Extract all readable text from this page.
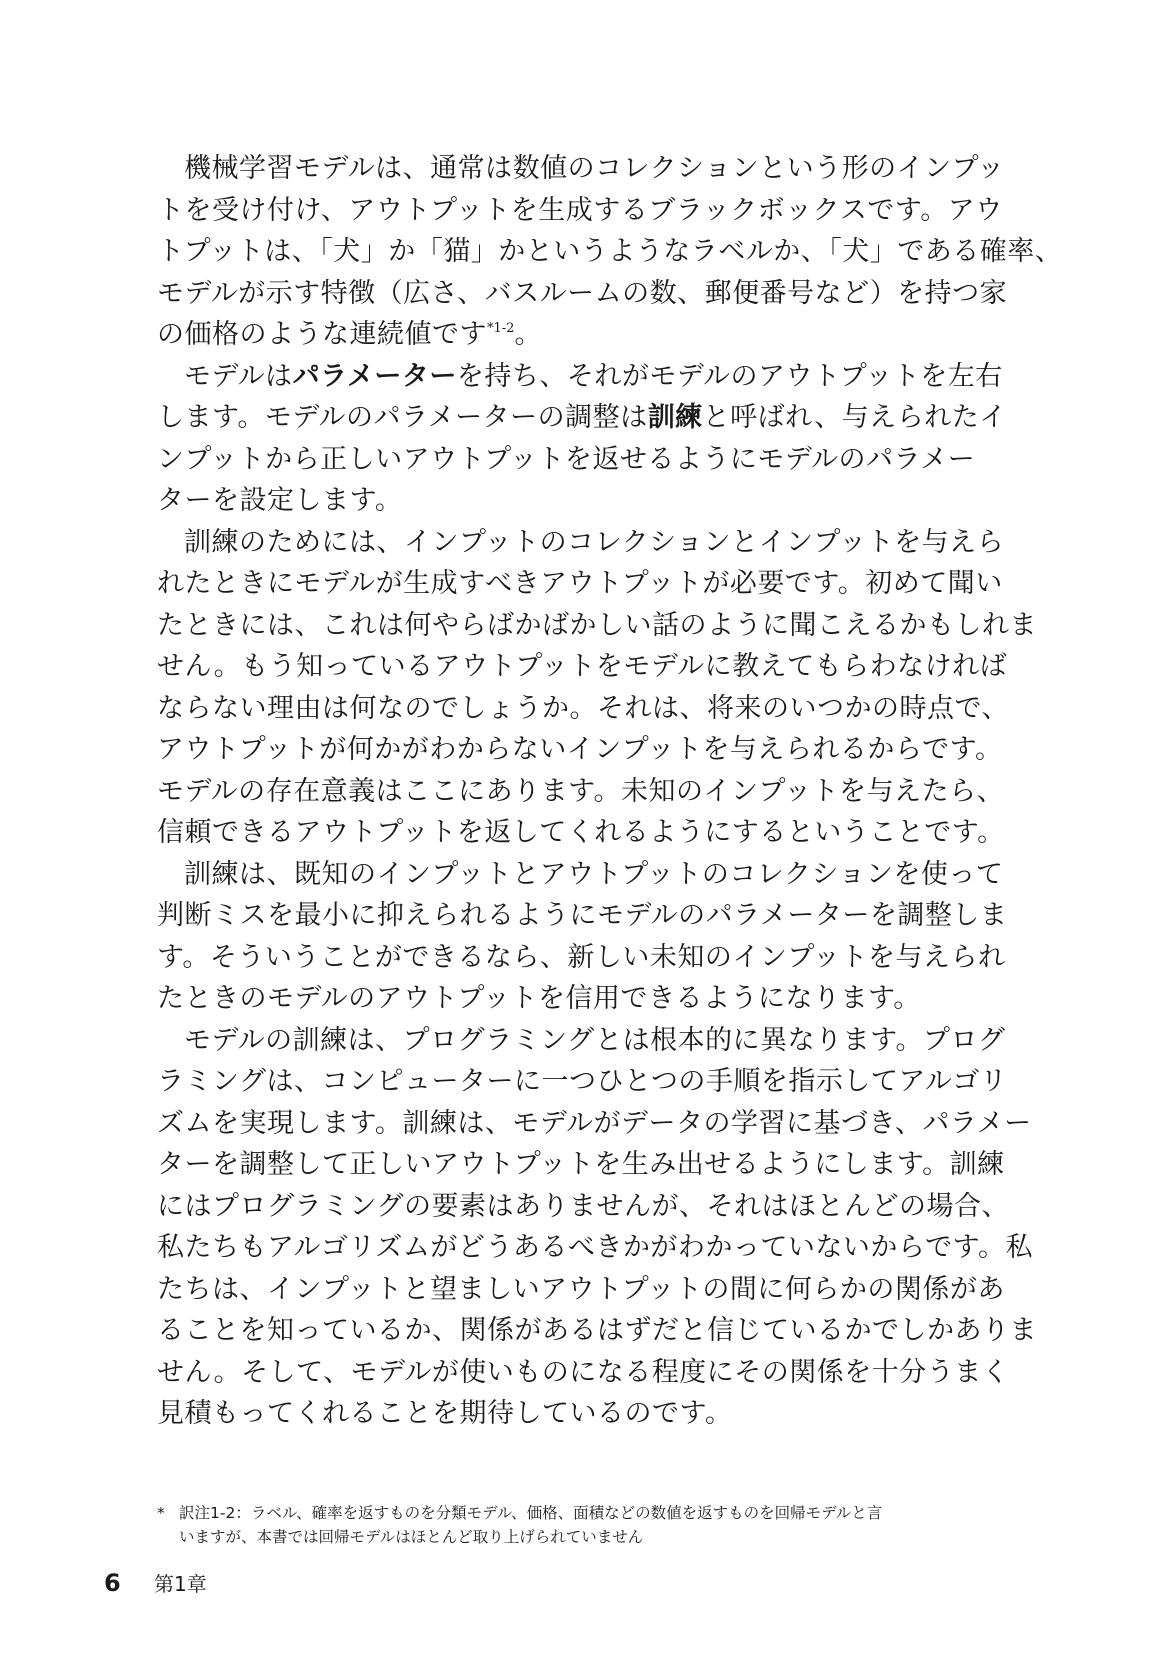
機械学習モデルは、通常は数値のコレクションという形のインプッ
トを受け付け、アウトプットを生成するブラックボックスです。アウ
トプットは、「犬」か「猫」かというようなラベルか、「犬」である確率、
モデルが示す特徴（広さ、バスルームの数、郵便番号など）を持つ家
の価格のような連続値です$^{*1-2}$。
モデルはパラメーターを持ち、それがモデルのアウトプットを左右
します。モデルのパラメーターの調整は訓練と呼ばれ、与えられたイ
ンプットから正しいアウトプットを返せるようにモデルのパラメー
ターを設定します。
訓練のためには、インプットのコレクションとインプットを与えら
れたときにモデルが生成すべきアウトプットが必要です。初めて聞い
たときには、これは何やらばかばかしい話のように聞こえるかもしれま
せん。もう知っているアウトプットをモデルに教えてもらわなければ
ならない理由は何なのでしょうか。それは、将来のいつかの時点で、
アウトプットが何かがわからないインプットを与えられるからです。
モデルの存在意義はここにあります。未知のインプットを与えたら、
信頼できるアウトプットを返してくれるようにするということです。
訓練は、既知のインプットとアウトプットのコレクションを使って
判断ミスを最小に抑えられるようにモデルのパラメーターを調整しま
す。そういうことができるなら、新しい未知のインプットを与えられ
たときのモデルのアウトプットを信用できるようになります。
モデルの訓練は、プログラミングとは根本的に異なります。プログ
ラミングは、コンピューターに一つひとつの手順を指示してアルゴリ
ズムを実現します。訓練は、モデルがデータの学習に基づき、パラメー
ターを調整して正しいアウトプットを生み出せるようにします。訓練
にはプログラミングの要素はありませんが、それはほとんどの場合、
私たちもアルゴリズムがどうあるべきかがわかっていないからです。私
たちは、インプットと望ましいアウトプットの間に何らかの関係があ
ることを知っているか、関係があるはずだと信じているかでしかありま
せん。そして、モデルが使いものになる程度にその関係を十分うまく
見積もってくれることを期待しているのです。
* 訳注1-2：ラベル、確率を返すものを分類モデル、価格、面積などの数値を返すものを回帰モデルと言
いますが、本書では回帰モデルはほとんど取り上げられていません
6 第1章
